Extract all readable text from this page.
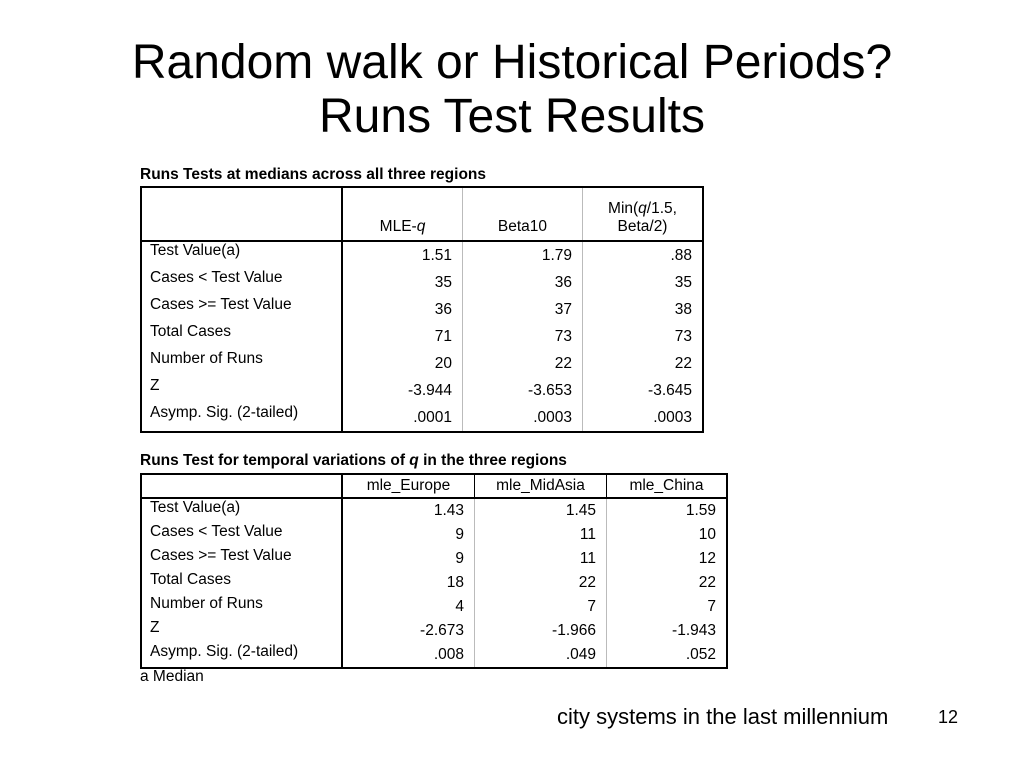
Random walk or Historical Periods?
Runs Test Results
Runs Tests at medians across all three regions
	MLE-q	Beta10	Min(q/1.5,
Beta/2)
Test Value(a)	1.51	1.79	.88
Cases < Test Value	35	36	35
Cases >= Test Value	36	37	38
Total Cases	71	73	73
Number of Runs	20	22	22
Z	-3.944	-3.653	-3.645
Asymp. Sig. (2-tailed)	.0001	.0003	.0003
Runs Test for temporal variations of q in the three regions
	mle_Europe	mle_MidAsia	mle_China
Test Value(a)	1.43	1.45	1.59
Cases < Test Value	9	11	10
Cases >= Test Value	9	11	12
Total Cases	18	22	22
Number of Runs	4	7	7
Z	-2.673	-1.966	-1.943
Asymp. Sig. (2-tailed)	.008	.049	.052
a Median
city systems in the last millennium	12
